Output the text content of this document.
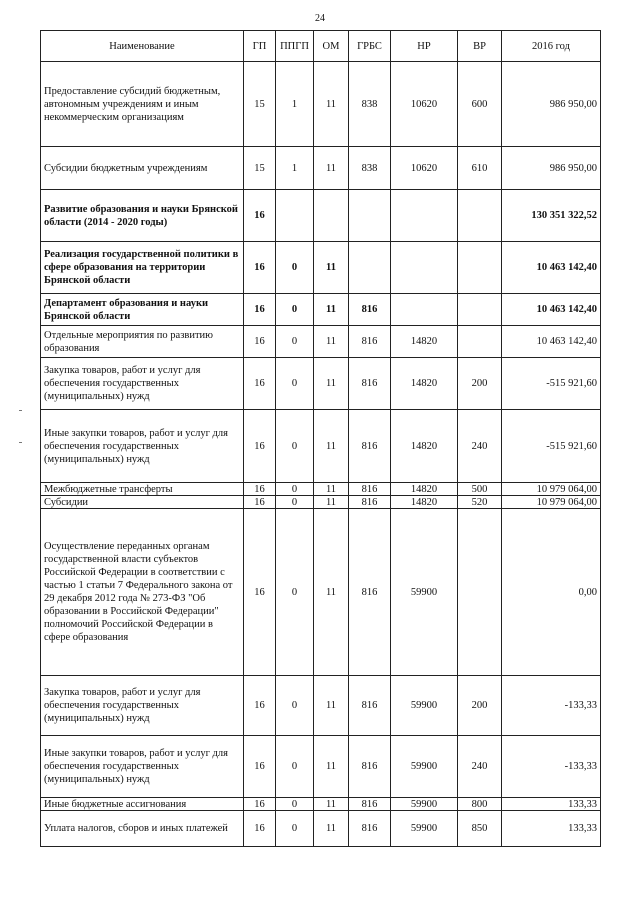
24
Наименование	ГП	ППГП	ОМ	ГРБС	НР	ВР	2016 год
Предоставление субсидий бюджетным, автономным учреждениям и иным некоммерческим организациям	15	1	11	838	10620	600	986 950,00
Субсидии бюджетным учреждениям	15	1	11	838	10620	610	986 950,00
Развитие образования и науки Брянской области (2014 - 2020 годы)	16						130 351 322,52
Реализация государственной политики в сфере образования на территории Брянской области	16	0	11				10 463 142,40
Департамент образования и науки Брянской области	16	0	11	816			10 463 142,40
Отдельные мероприятия по развитию образования	16	0	11	816	14820		10 463 142,40
Закупка товаров, работ и услуг для обеспечения государственных (муниципальных) нужд	16	0	11	816	14820	200	-515 921,60
Иные закупки товаров, работ и услуг для обеспечения государственных (муниципальных) нужд	16	0	11	816	14820	240	-515 921,60
Межбюджетные трансферты	16	0	11	816	14820	500	10 979 064,00
Субсидии	16	0	11	816	14820	520	10 979 064,00
Осуществление переданных органам государственной власти субъектов Российской Федерации в соответствии с частью 1 статьи 7 Федерального закона от 29 декабря 2012 года № 273-ФЗ "Об образовании в Российской Федерации" полномочий Российской Федерации в сфере образования	16	0	11	816	59900		0,00
Закупка товаров, работ и услуг для обеспечения государственных (муниципальных) нужд	16	0	11	816	59900	200	-133,33
Иные закупки товаров, работ и услуг для обеспечения государственных (муниципальных) нужд	16	0	11	816	59900	240	-133,33
Иные бюджетные ассигнования	16	0	11	816	59900	800	133,33
Уплата налогов, сборов и иных платежей	16	0	11	816	59900	850	133,33
